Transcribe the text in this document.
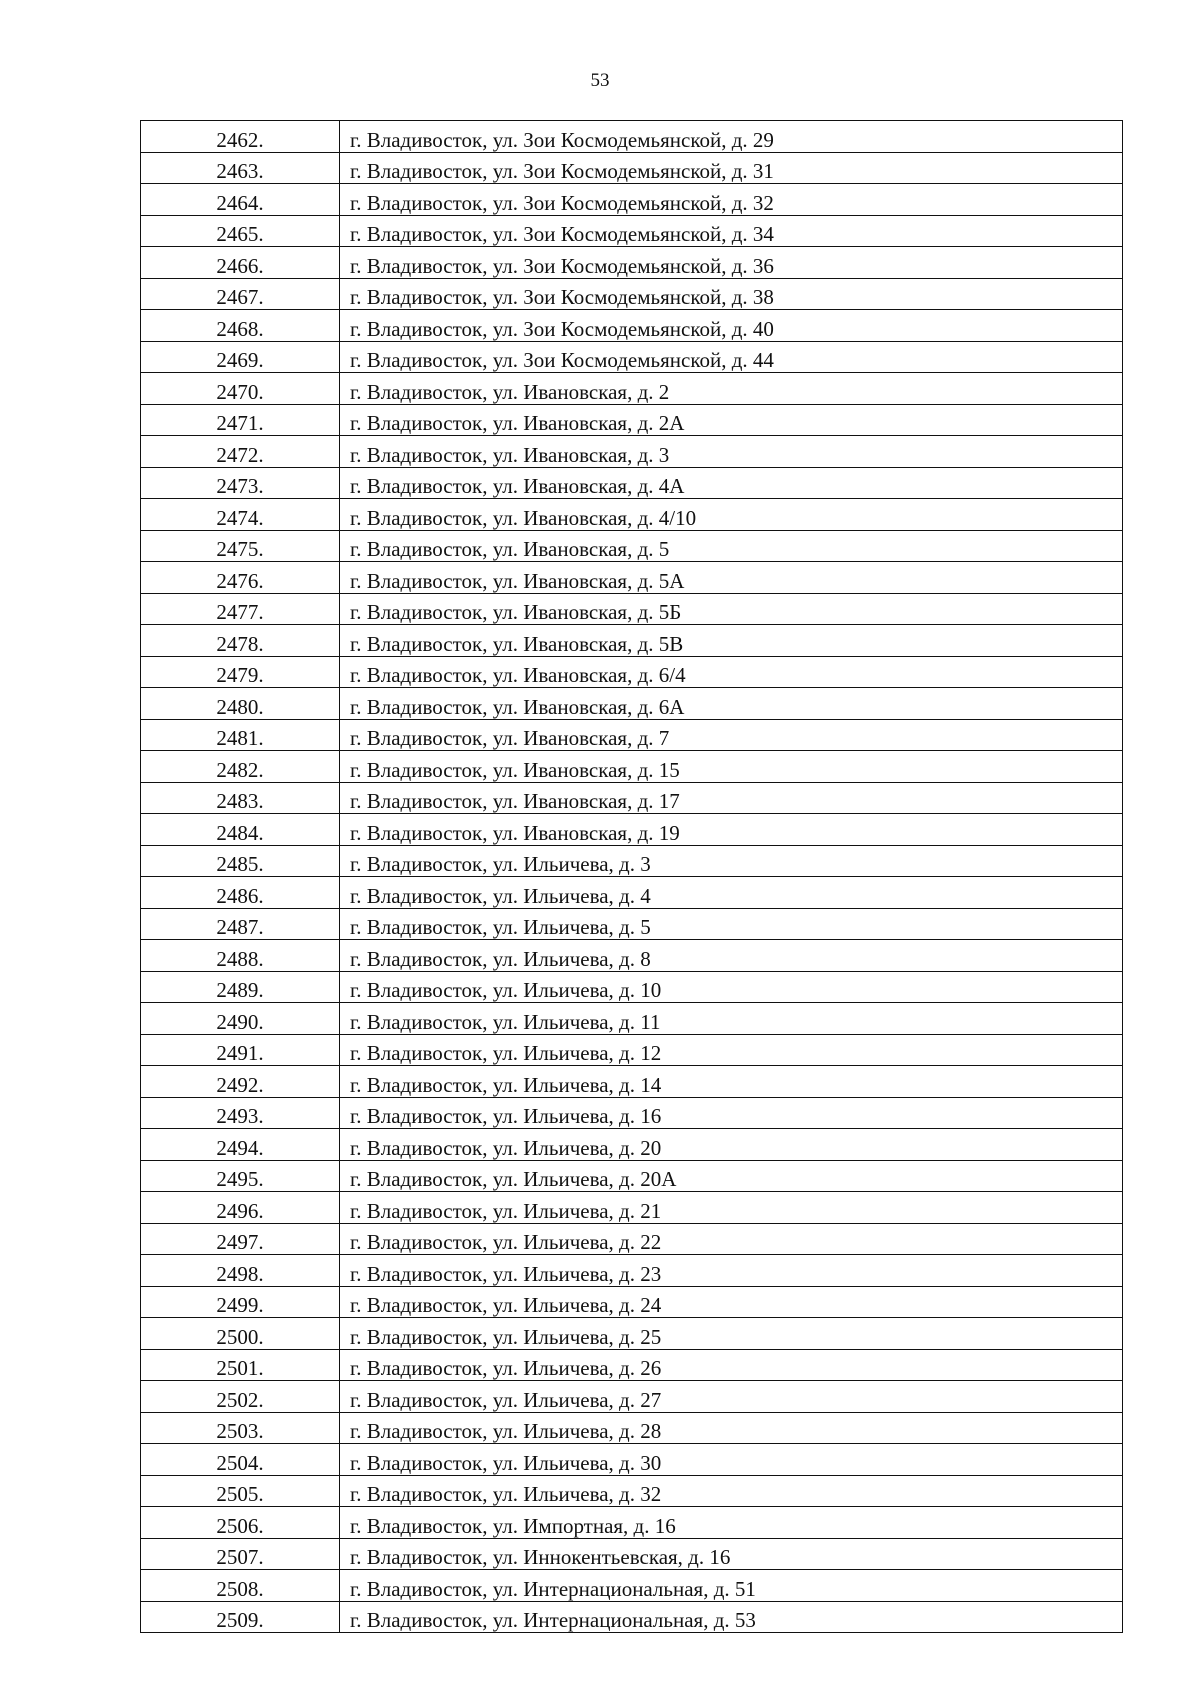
53
2462.	г. Владивосток, ул. Зои Космодемьянской, д. 29
2463.	г. Владивосток, ул. Зои Космодемьянской, д. 31
2464.	г. Владивосток, ул. Зои Космодемьянской, д. 32
2465.	г. Владивосток, ул. Зои Космодемьянской, д. 34
2466.	г. Владивосток, ул. Зои Космодемьянской, д. 36
2467.	г. Владивосток, ул. Зои Космодемьянской, д. 38
2468.	г. Владивосток, ул. Зои Космодемьянской, д. 40
2469.	г. Владивосток, ул. Зои Космодемьянской, д. 44
2470.	г. Владивосток, ул. Ивановская, д. 2
2471.	г. Владивосток, ул. Ивановская, д. 2А
2472.	г. Владивосток, ул. Ивановская, д. 3
2473.	г. Владивосток, ул. Ивановская, д. 4А
2474.	г. Владивосток, ул. Ивановская, д. 4/10
2475.	г. Владивосток, ул. Ивановская, д. 5
2476.	г. Владивосток, ул. Ивановская, д. 5А
2477.	г. Владивосток, ул. Ивановская, д. 5Б
2478.	г. Владивосток, ул. Ивановская, д. 5В
2479.	г. Владивосток, ул. Ивановская, д. 6/4
2480.	г. Владивосток, ул. Ивановская, д. 6А
2481.	г. Владивосток, ул. Ивановская, д. 7
2482.	г. Владивосток, ул. Ивановская, д. 15
2483.	г. Владивосток, ул. Ивановская, д. 17
2484.	г. Владивосток, ул. Ивановская, д. 19
2485.	г. Владивосток, ул. Ильичева, д. 3
2486.	г. Владивосток, ул. Ильичева, д. 4
2487.	г. Владивосток, ул. Ильичева, д. 5
2488.	г. Владивосток, ул. Ильичева, д. 8
2489.	г. Владивосток, ул. Ильичева, д. 10
2490.	г. Владивосток, ул. Ильичева, д. 11
2491.	г. Владивосток, ул. Ильичева, д. 12
2492.	г. Владивосток, ул. Ильичева, д. 14
2493.	г. Владивосток, ул. Ильичева, д. 16
2494.	г. Владивосток, ул. Ильичева, д. 20
2495.	г. Владивосток, ул. Ильичева, д. 20А
2496.	г. Владивосток, ул. Ильичева, д. 21
2497.	г. Владивосток, ул. Ильичева, д. 22
2498.	г. Владивосток, ул. Ильичева, д. 23
2499.	г. Владивосток, ул. Ильичева, д. 24
2500.	г. Владивосток, ул. Ильичева, д. 25
2501.	г. Владивосток, ул. Ильичева, д. 26
2502.	г. Владивосток, ул. Ильичева, д. 27
2503.	г. Владивосток, ул. Ильичева, д. 28
2504.	г. Владивосток, ул. Ильичева, д. 30
2505.	г. Владивосток, ул. Ильичева, д. 32
2506.	г. Владивосток, ул. Импортная, д. 16
2507.	г. Владивосток, ул. Иннокентьевская, д. 16
2508.	г. Владивосток, ул. Интернациональная, д. 51
2509.	г. Владивосток, ул. Интернациональная, д. 53
